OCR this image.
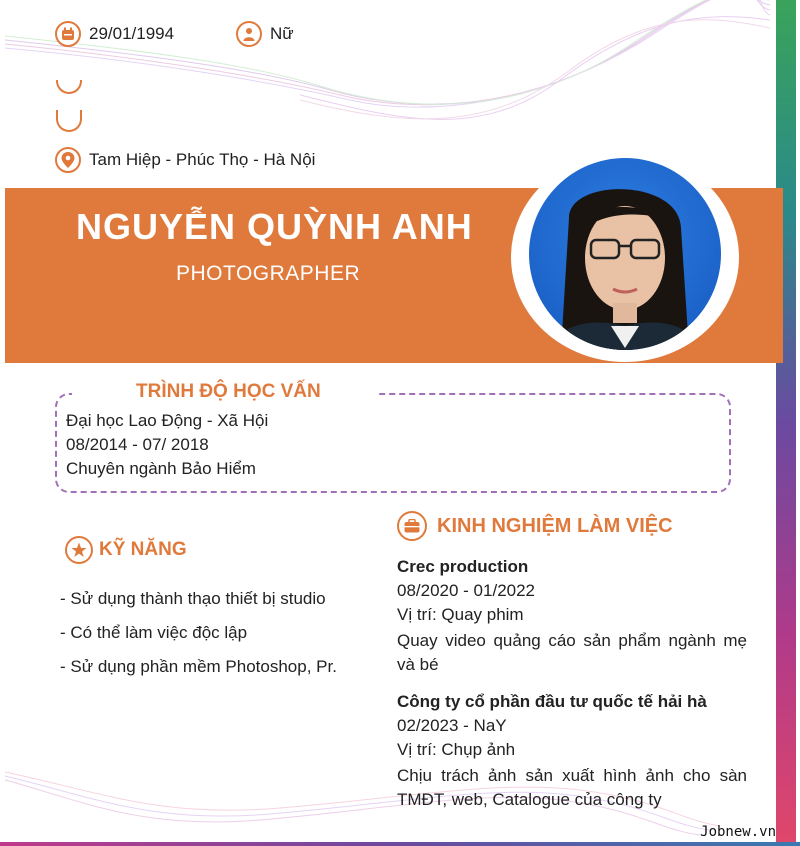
29/01/1994	Nữ
Tam Hiệp - Phúc Thọ - Hà Nội
NGUYỄN QUỲNH ANH
PHOTOGRAPHER
TRÌNH ĐỘ HỌC VẤN
Đại học Lao Động - Xã Hội
08/2014 - 07/ 2018
Chuyên ngành Bảo Hiểm
KỸ NĂNG
- Sử dụng thành thạo thiết bị studio
- Có thể làm việc độc lập
- Sử dụng phần mềm Photoshop, Pr.
KINH NGHIỆM LÀM VIỆC
Crec production
08/2020 - 01/2022
Vị trí: Quay phim
Quay video quảng cáo sản phẩm ngành mẹ và bé
Công ty cổ phần đầu tư quốc tế hải hà
02/2023 - NaY
Vị trí: Chụp ảnh
Chịu trách ảnh sản xuất hình ảnh cho sàn TMĐT, web, Catalogue của công ty
Jobnew.vn
